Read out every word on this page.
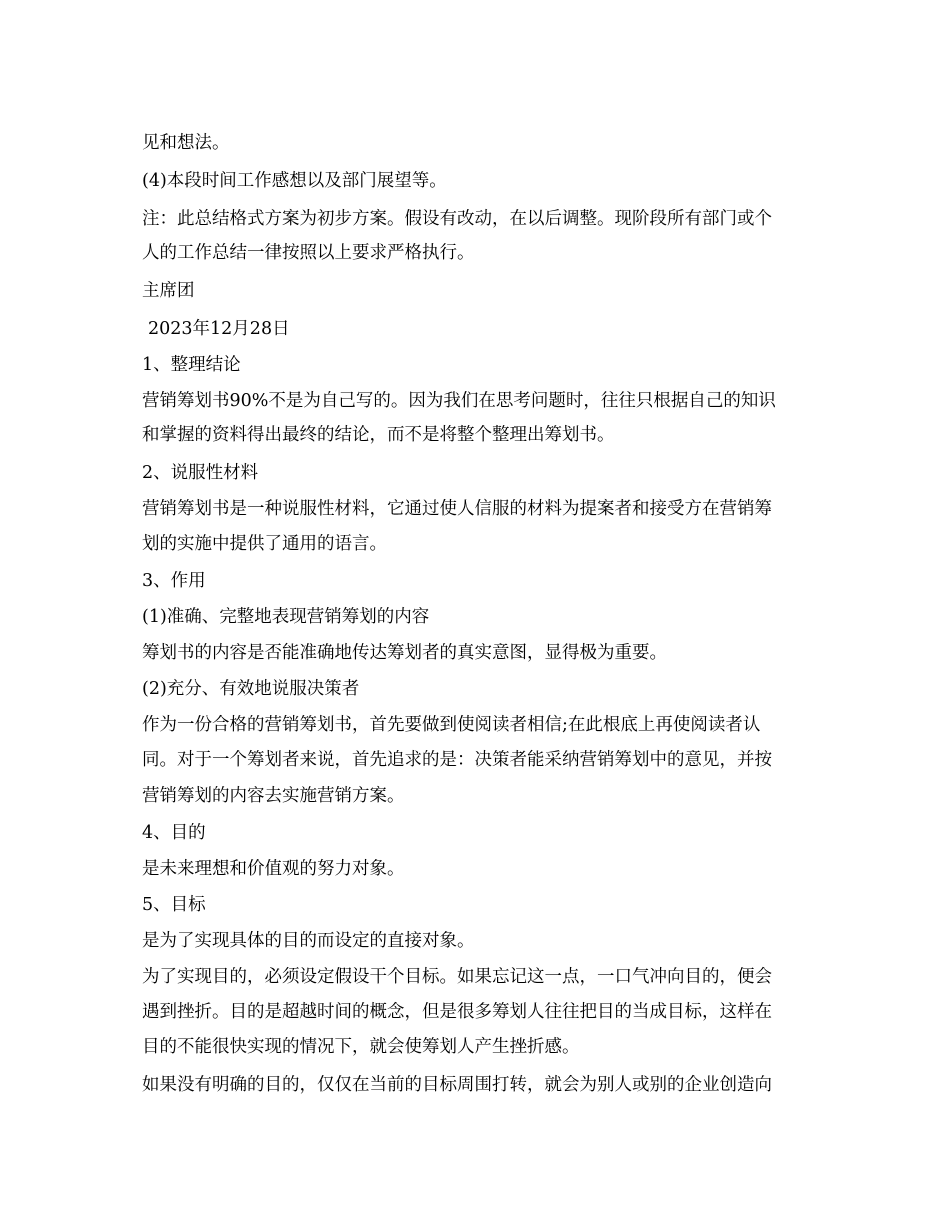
见和想法。
(4)本段时间工作感想以及部门展望等。
注：此总结格式方案为初步方案。假设有改动，在以后调整。现阶段所有部门或个
人的工作总结一律按照以上要求严格执行。
主席团
2023年12月28日
1、整理结论
营销筹划书90%不是为自己写的。因为我们在思考问题时，往往只根据自己的知识
和掌握的资料得出最终的结论，而不是将整个整理出筹划书。
2、说服性材料
营销筹划书是一种说服性材料，它通过使人信服的材料为提案者和接受方在营销筹
划的实施中提供了通用的语言。
3、作用
(1)准确、完整地表现营销筹划的内容
筹划书的内容是否能准确地传达筹划者的真实意图，显得极为重要。
(2)充分、有效地说服决策者
作为一份合格的营销筹划书，首先要做到使阅读者相信;在此根底上再使阅读者认
同。对于一个筹划者来说，首先追求的是：决策者能采纳营销筹划中的意见，并按
营销筹划的内容去实施营销方案。
4、目的
是未来理想和价值观的努力对象。
5、目标
是为了实现具体的目的而设定的直接对象。
为了实现目的，必须设定假设干个目标。如果忘记这一点，一口气冲向目的，便会
遇到挫折。目的是超越时间的概念，但是很多筹划人往往把目的当成目标，这样在
目的不能很快实现的情况下，就会使筹划人产生挫折感。
如果没有明确的目的，仅仅在当前的目标周围打转，就会为别人或别的企业创造向
